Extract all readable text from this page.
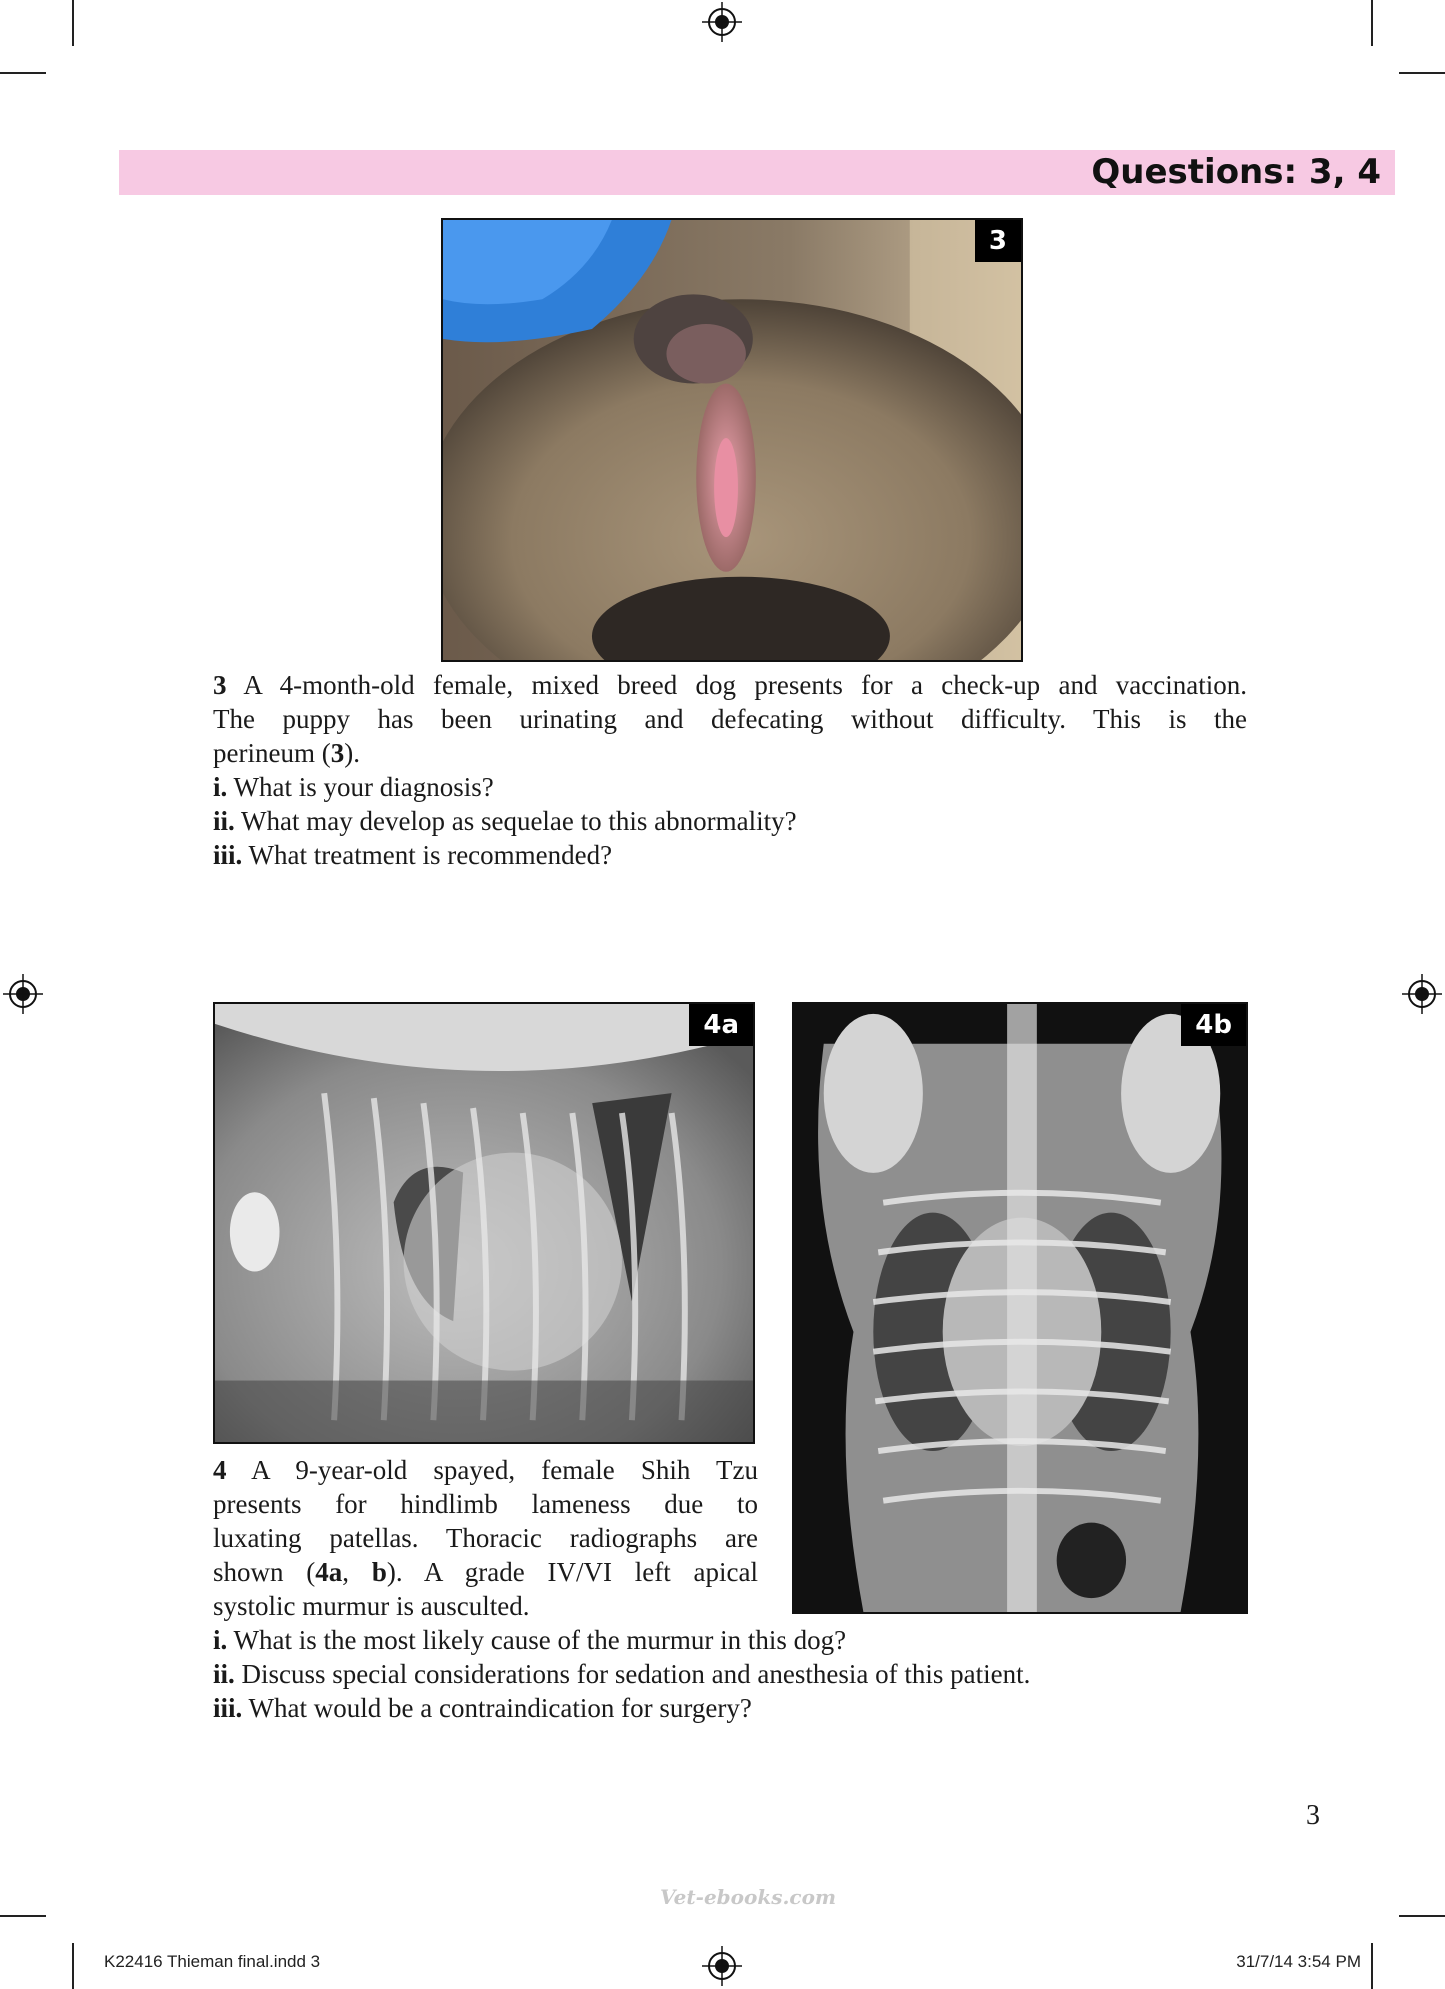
Questions: 3, 4
3

3 A 4-month-old female, mixed breed dog presents for a check-up and vaccination.

The puppy has been urinating and defecating without difficulty. This is the

perineum (3).

i. What is your diagnosis?

ii. What may develop as sequelae to this abnormality?

iii. What treatment is recommended?

4a	4b

4 A 9-year-old spayed, female Shih Tzu

presents for hindlimb lameness due to

luxating patellas. Thoracic radiographs are

shown (4a, b). A grade IV/VI left apical

systolic murmur is ausculted.

i. What is the most likely cause of the murmur in this dog?

ii. Discuss special considerations for sedation and anesthesia of this patient.

iii. What would be a contraindication for surgery?

3
Vet-ebooks.com
K22416 Thieman final.indd 3	31/7/14 3:54 PM
